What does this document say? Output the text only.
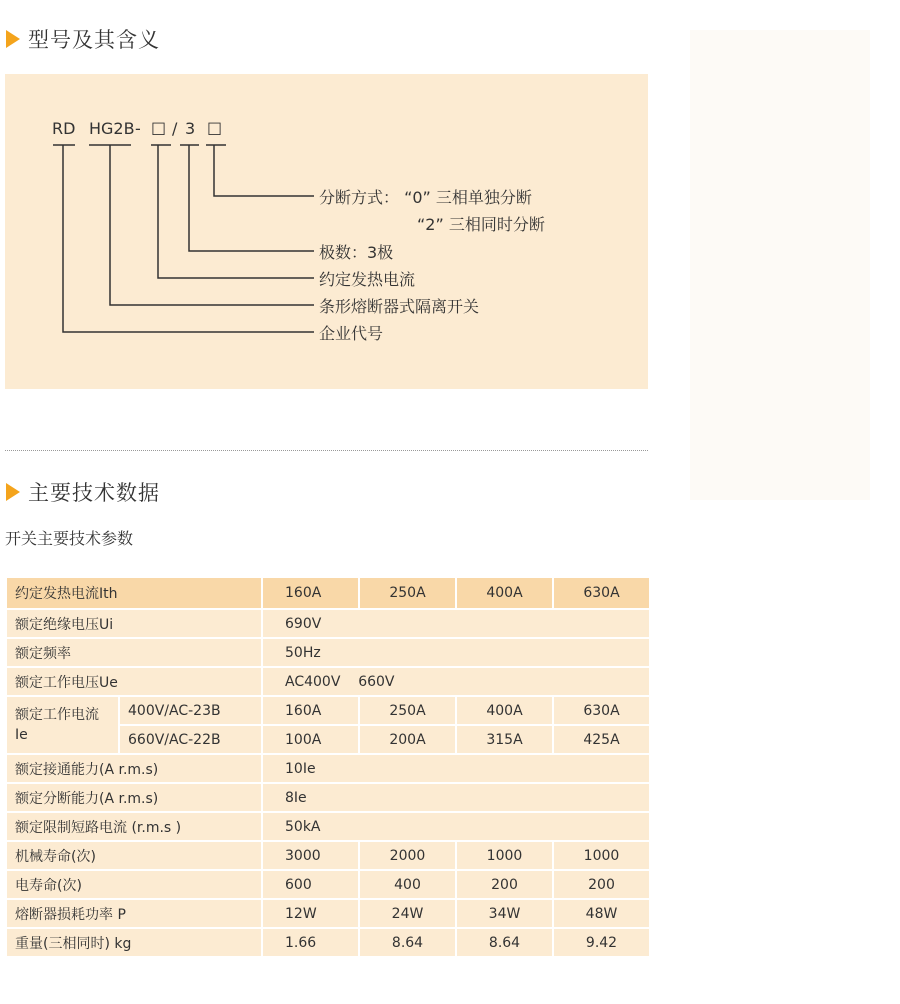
型号及其含义
RD HG2B - □ / 3 □
分断方式： “0” 三相单独分断
“2” 三相同时分断
极数：3极
约定发热电流
条形熔断器式隔离开关
企业代号
主要技术数据
开关主要技术参数
约定发热电流Ith		160A	250A	400A	630A
额定绝缘电压Ui		690V			
额定频率		50Hz			
额定工作电压Ue		AC400V    660V			
额定工作电流Ie	400V/AC-23B	160A	250A	400A	630A
	660V/AC-22B	100A	200A	315A	425A
额定接通能力(A r.m.s)		10Ie			
额定分断能力(A r.m.s)		8Ie			
额定限制短路电流 (r.m.s )		50kA			
机械寿命(次)		3000	2000	1000	1000
电寿命(次)		600	400	200	200
熔断器损耗功率 P		12W	24W	34W	48W
重量(三相同时) kg		1.66	8.64	8.64	9.42
